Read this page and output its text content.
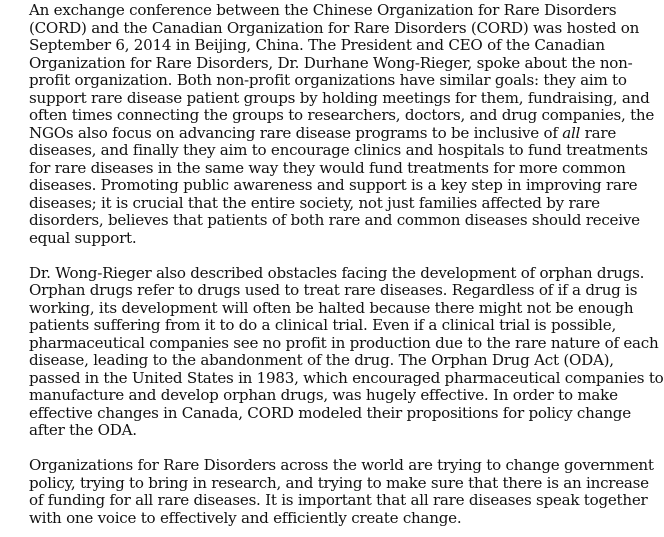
An exchange conference between the Chinese Organization for Rare Disorders
(CORD) and the Canadian Organization for Rare Disorders (CORD) was hosted on
September 6, 2014 in Beijing, China. The President and CEO of the Canadian
Organization for Rare Disorders, Dr. Durhane Wong-Rieger, spoke about the non-
profit organization. Both non-profit organizations have similar goals: they aim to
support rare disease patient groups by holding meetings for them, fundraising, and
often times connecting the groups to researchers, doctors, and drug companies, the
NGOs also focus on advancing rare disease programs to be inclusive of all rare
diseases, and finally they aim to encourage clinics and hospitals to fund treatments
for rare diseases in the same way they would fund treatments for more common
diseases. Promoting public awareness and support is a key step in improving rare
diseases; it is crucial that the entire society, not just families affected by rare
disorders, believes that patients of both rare and common diseases should receive
equal support.

Dr. Wong-Rieger also described obstacles facing the development of orphan drugs.
Orphan drugs refer to drugs used to treat rare diseases. Regardless of if a drug is
working, its development will often be halted because there might not be enough
patients suffering from it to do a clinical trial. Even if a clinical trial is possible,
pharmaceutical companies see no profit in production due to the rare nature of each
disease, leading to the abandonment of the drug. The Orphan Drug Act (ODA),
passed in the United States in 1983, which encouraged pharmaceutical companies to
manufacture and develop orphan drugs, was hugely effective. In order to make
effective changes in Canada, CORD modeled their propositions for policy change
after the ODA.

Organizations for Rare Disorders across the world are trying to change government
policy, trying to bring in research, and trying to make sure that there is an increase
of funding for all rare diseases. It is important that all rare diseases speak together
with one voice to effectively and efficiently create change.
